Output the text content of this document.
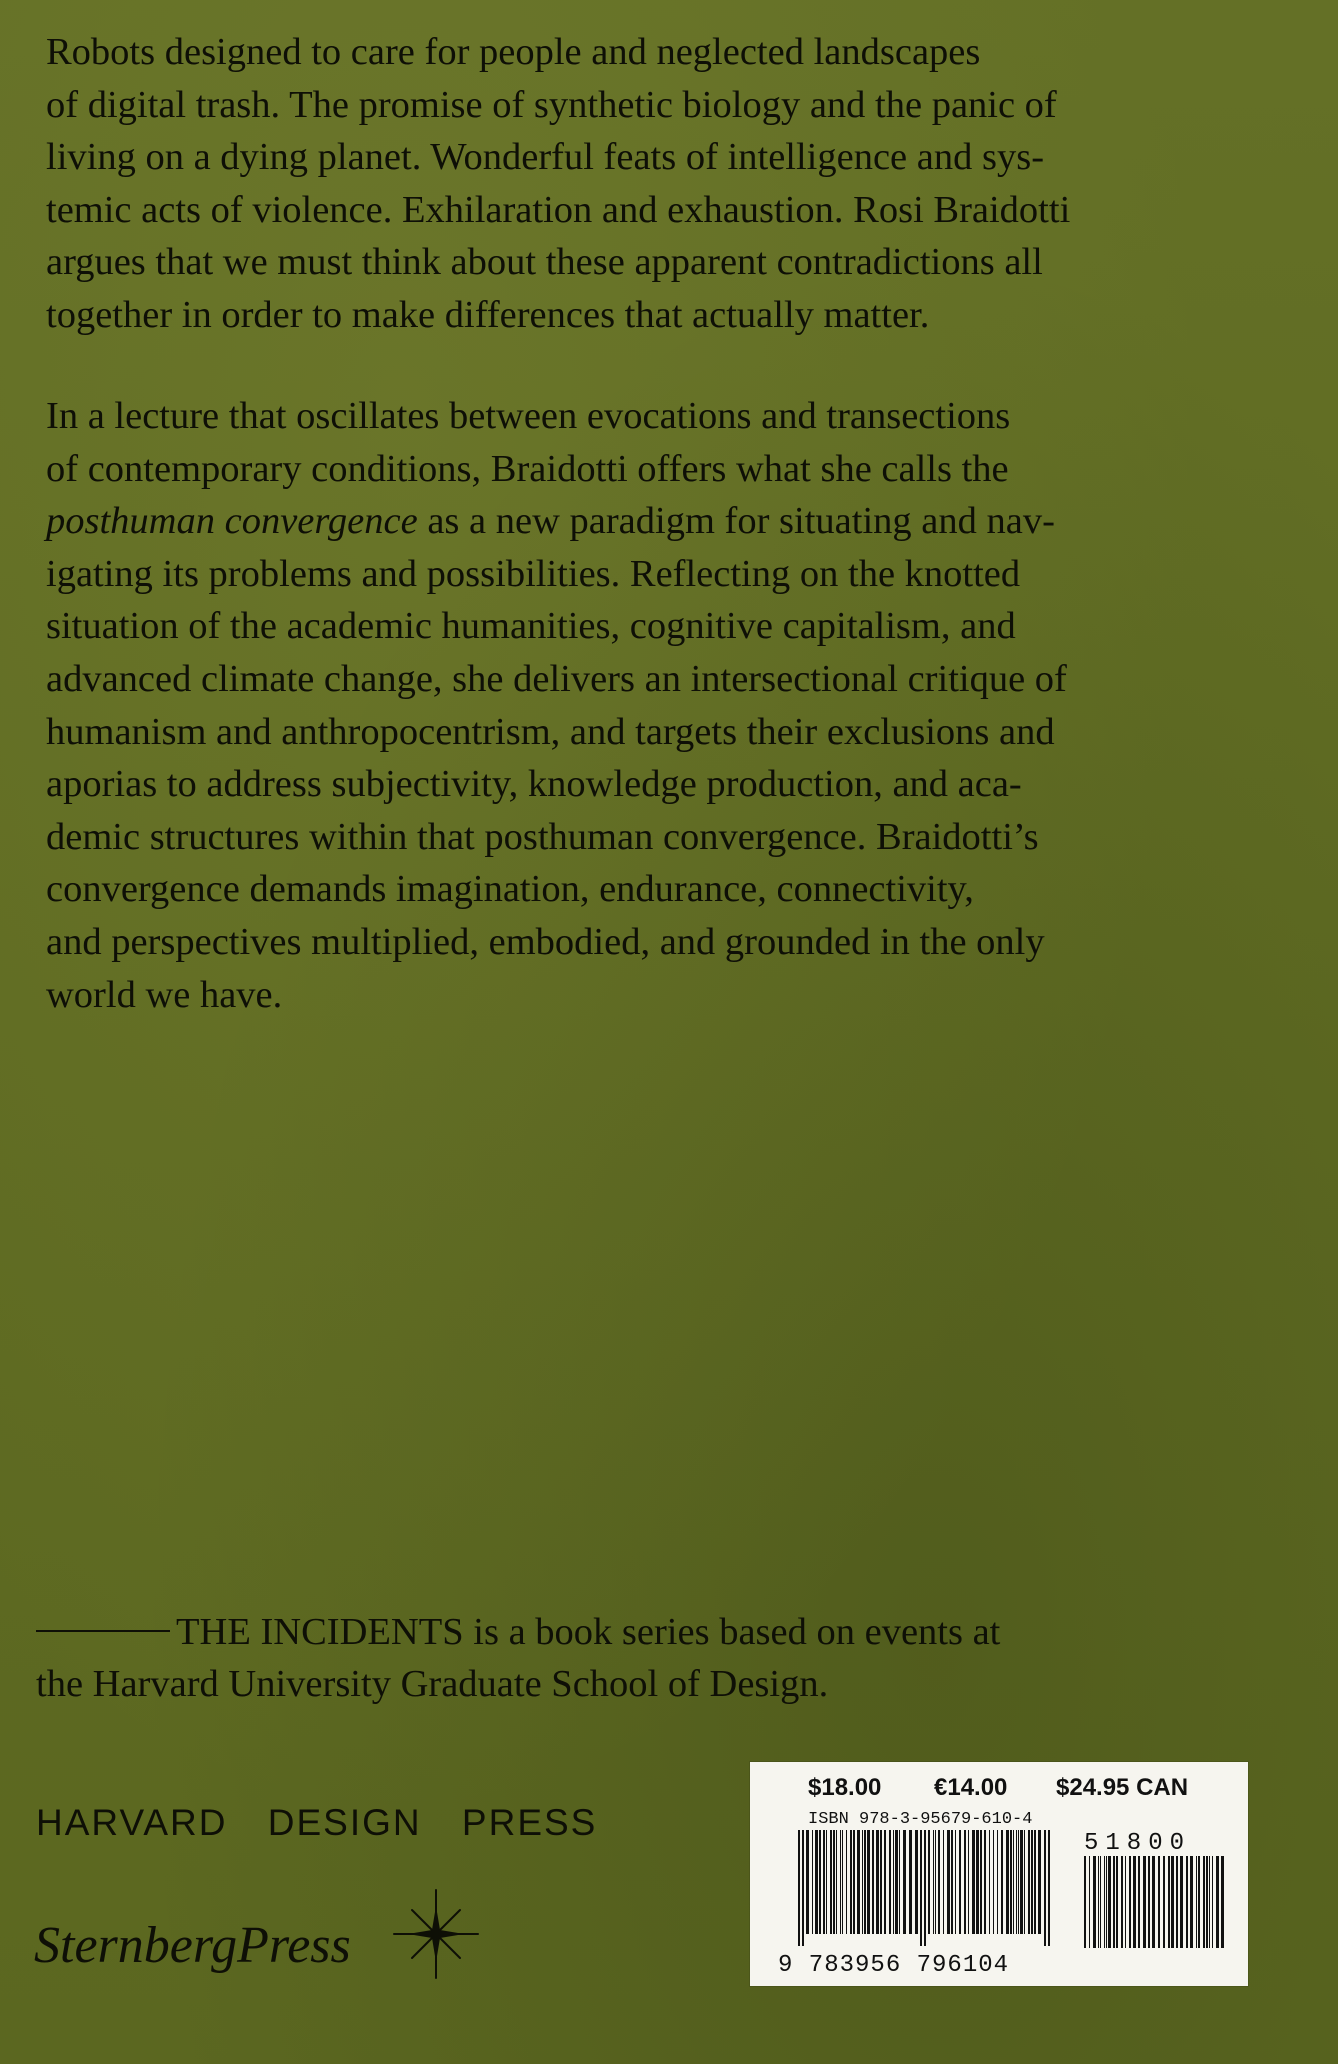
Robots designed to care for people and neglected landscapes
of digital trash. The promise of synthetic biology and the panic of
living on a dying planet. Wonderful feats of intelligence and sys-
temic acts of violence. Exhilaration and exhaustion. Rosi Braidotti
argues that we must think about these apparent contradictions all
together in order to make differences that actually matter.

In a lecture that oscillates between evocations and transections
of contemporary conditions, Braidotti offers what she calls the
posthuman convergence as a new paradigm for situating and nav-
igating its problems and possibilities. Reflecting on the knotted
situation of the academic humanities, cognitive capitalism, and
advanced climate change, she delivers an intersectional critique of
humanism and anthropocentrism, and targets their exclusions and
aporias to address subjectivity, knowledge production, and aca-
demic structures within that posthuman convergence. Braidotti’s
convergence demands imagination, endurance, connectivity,
and perspectives multiplied, embodied, and grounded in the only
world we have.

THE INCIDENTS is a book series based on events at
the Harvard University Graduate School of Design.
HARVARD DESIGN PRESS
SternbergPress
$18.00 €14.00 $24.95 CAN
ISBN 978-3-95679-610-4
51800
9 783956 796104
